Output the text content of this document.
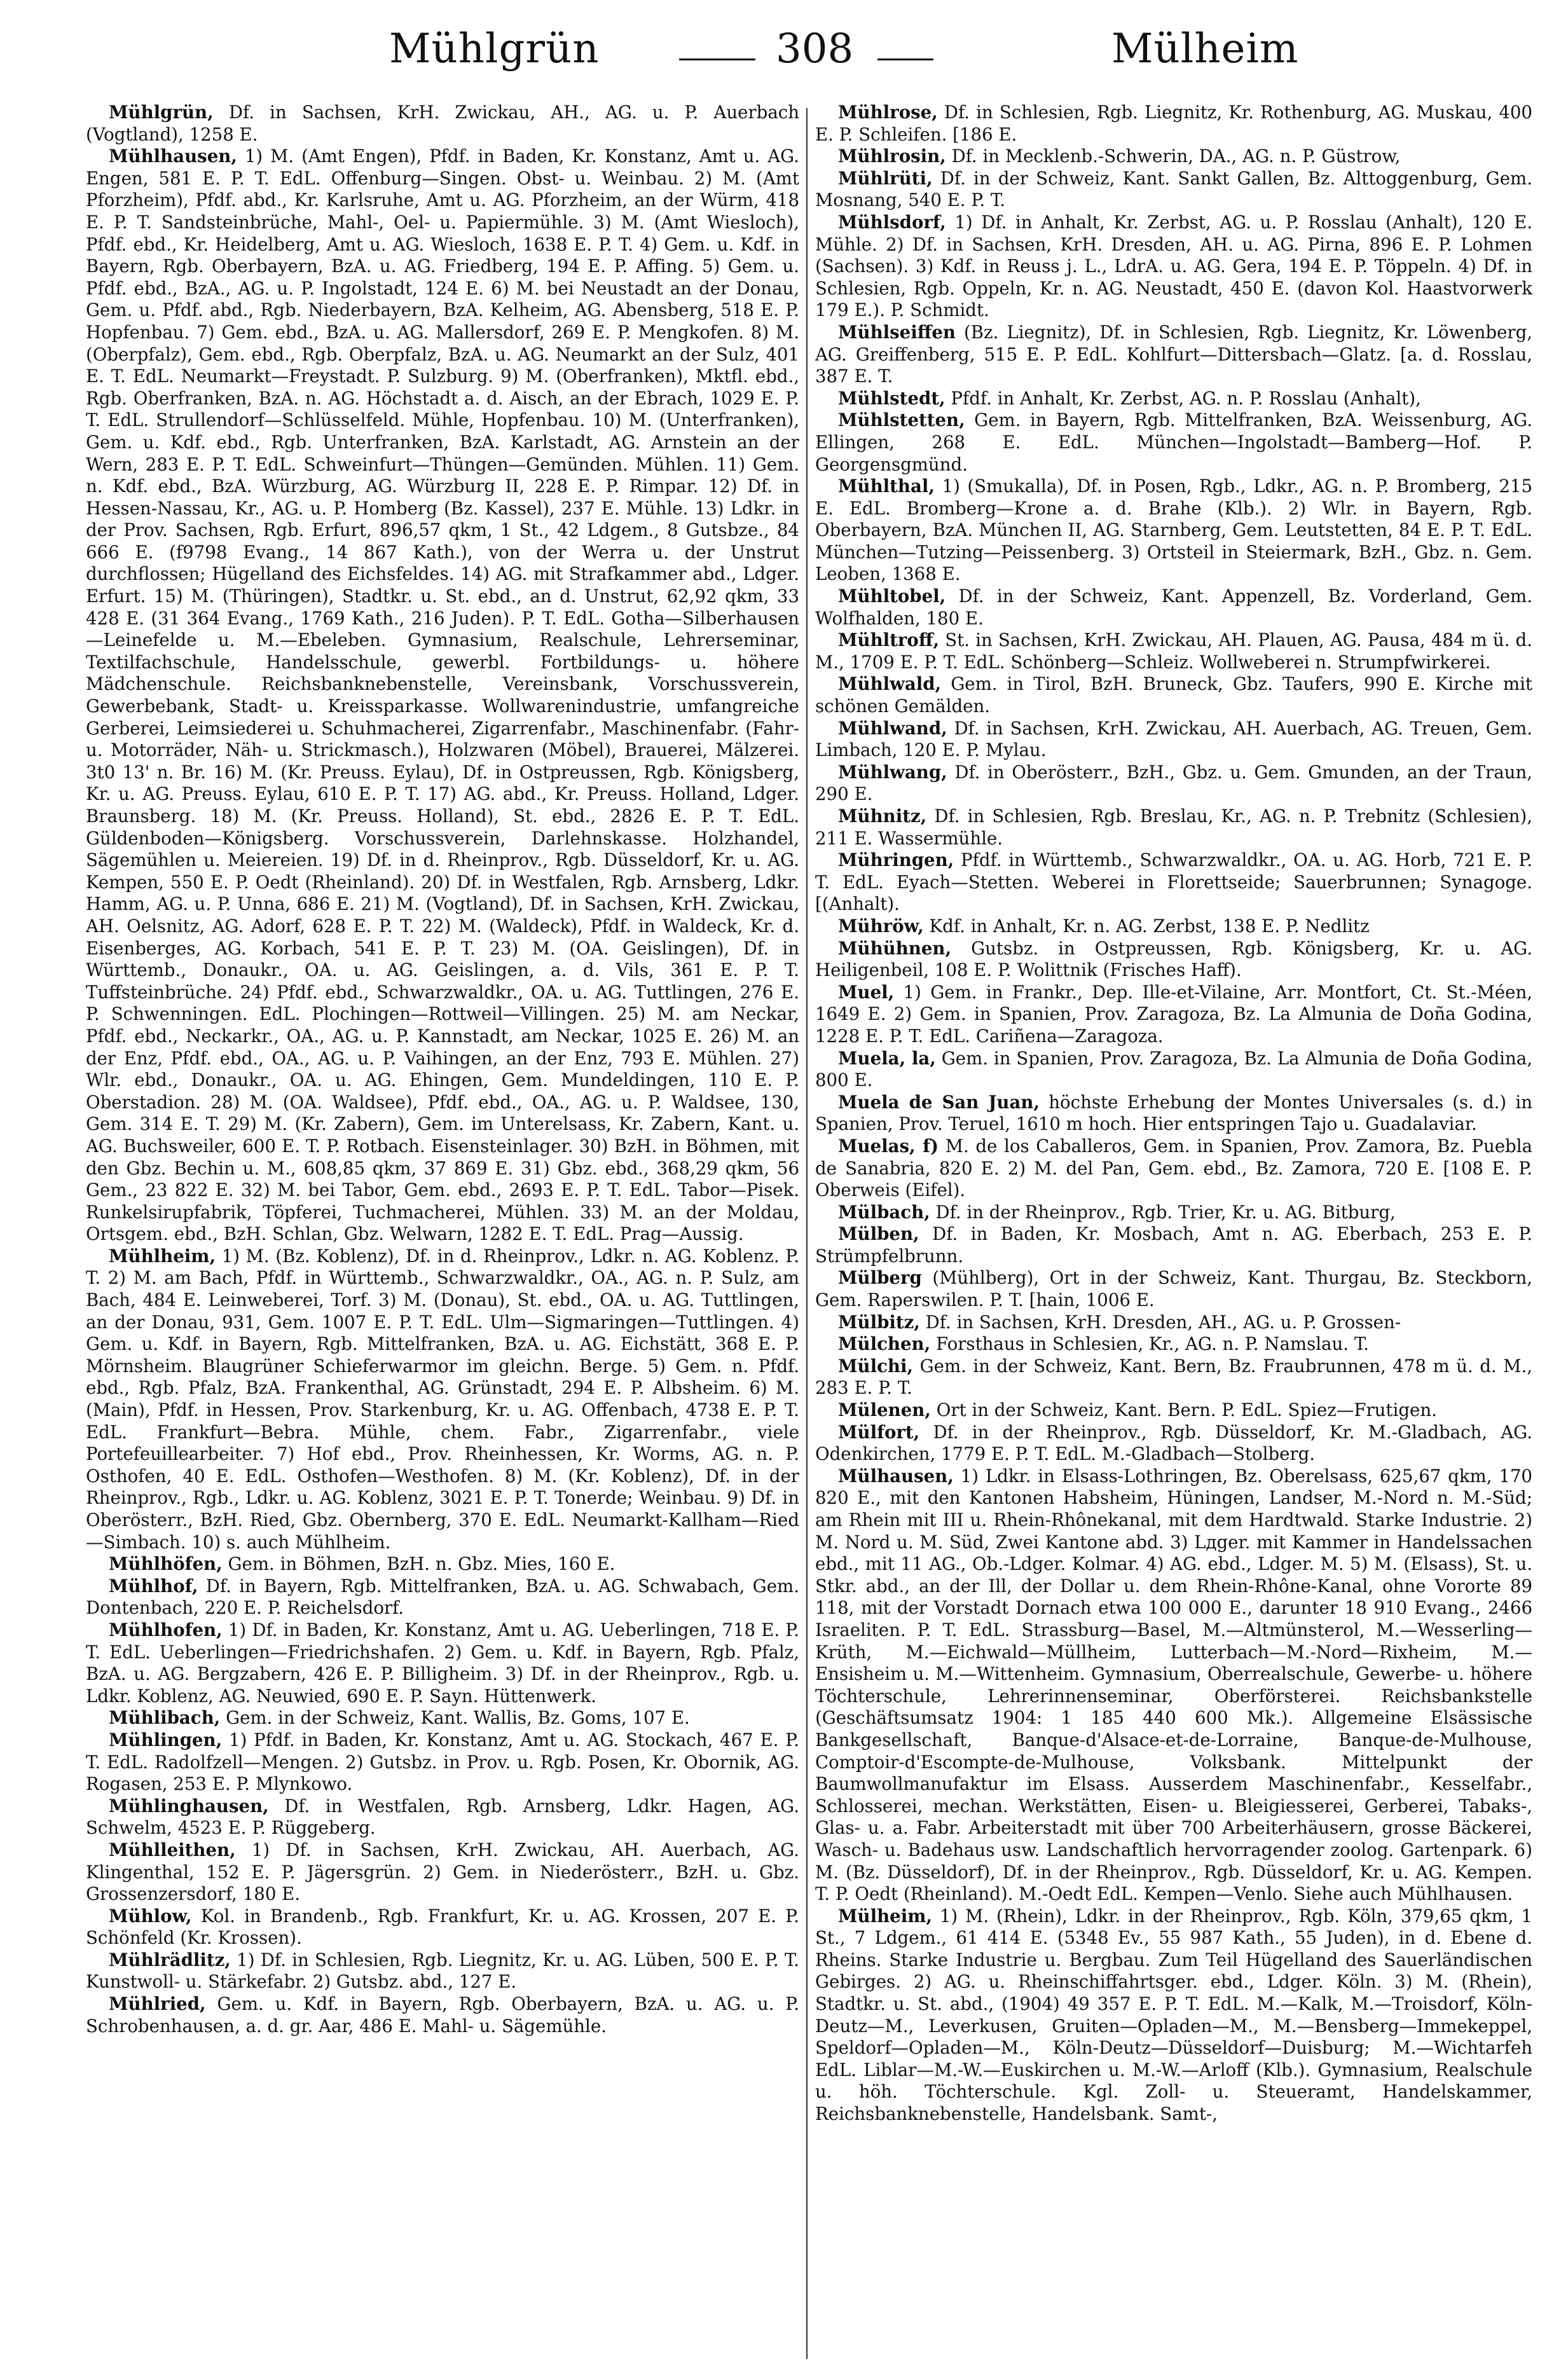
Mühlgrün	308	Mülheim

Mühlgrün, Df. in Sachsen, KrH. Zwickau, AH., AG. u. P. Auerbach (Vogtland), 1258 E.

Mühlhausen, 1) M. (Amt Engen), Pfdf. in Baden, Kr. Konstanz, Amt u. AG. Engen, 581 E. P. T. EdL. Offenburg—Singen. Obst- u. Weinbau. 2) M. (Amt Pforzheim), Pfdf. abd., Kr. Karlsruhe, Amt u. AG. Pforzheim, an der Würm, 418 E. P. T. Sandsteinbrüche, Mahl-, Oel- u. Papiermühle. 3) M. (Amt Wiesloch), Pfdf. ebd., Kr. Heidelberg, Amt u. AG. Wiesloch, 1638 E. P. T. 4) Gem. u. Kdf. in Bayern, Rgb. Oberbayern, BzA. u. AG. Friedberg, 194 E. P. Affing. 5) Gem. u. Pfdf. ebd., BzA., AG. u. P. Ingolstadt, 124 E. 6) M. bei Neustadt an der Donau, Gem. u. Pfdf. abd., Rgb. Niederbayern, BzA. Kelheim, AG. Abensberg, 518 E. P. Hopfenbau. 7) Gem. ebd., BzA. u. AG. Mallersdorf, 269 E. P. Mengkofen. 8) M. (Oberpfalz), Gem. ebd., Rgb. Oberpfalz, BzA. u. AG. Neumarkt an der Sulz, 401 E. T. EdL. Neumarkt—Freystadt. P. Sulzburg. 9) M. (Oberfranken), Mktfl. ebd., Rgb. Oberfranken, BzA. n. AG. Höchstadt a. d. Aisch, an der Ebrach, 1029 E. P. T. EdL. Strullendorf—Schlüsselfeld. Mühle, Hopfenbau. 10) M. (Unterfranken), Gem. u. Kdf. ebd., Rgb. Unterfranken, BzA. Karlstadt, AG. Arnstein an der Wern, 283 E. P. T. EdL. Schweinfurt—Thüngen—Gemünden. Mühlen. 11) Gem. n. Kdf. ebd., BzA. Würzburg, AG. Würzburg II, 228 E. P. Rimpar. 12) Df. in Hessen-Nassau, Kr., AG. u. P. Homberg (Bz. Kassel), 237 E. Mühle. 13) Ldkr. in der Prov. Sachsen, Rgb. Erfurt, 896,57 qkm, 1 St., 42 Ldgem., 8 Gutsbze., 84 666 E. (f9798 Evang., 14 867 Kath.), von der Werra u. der Unstrut durchflossen; Hügelland des Eichsfeldes. 14) AG. mit Strafkammer abd., Ldger. Erfurt. 15) M. (Thüringen), Stadtkr. u. St. ebd., an d. Unstrut, 62,92 qkm, 33 428 E. (31 364 Evang., 1769 Kath., 216 Juden). P. T. EdL. Gotha—Silberhausen—Leinefelde u. M.—Ebeleben. Gymnasium, Realschule, Lehrerseminar, Textilfachschule, Handelsschule, gewerbl. Fortbildungs- u. höhere Mädchenschule. Reichsbanknebenstelle, Vereinsbank, Vorschussverein, Gewerbebank, Stadt- u. Kreissparkasse. Wollwarenindustrie, umfangreiche Gerberei, Leimsiederei u. Schuhmacherei, Zigarrenfabr., Maschinenfabr. (Fahr- u. Motorräder, Näh- u. Strickmasch.), Holzwaren (Möbel), Brauerei, Mälzerei. 3t0 13' n. Br. 16) M. (Kr. Preuss. Eylau), Df. in Ostpreussen, Rgb. Königsberg, Kr. u. AG. Preuss. Eylau, 610 E. P. T. 17) AG. abd., Kr. Preuss. Holland, Ldger. Braunsberg. 18) M. (Kr. Preuss. Holland), St. ebd., 2826 E. P. T. EdL. Güldenboden—Königsberg. Vorschussverein, Darlehnskasse. Holzhandel, Sägemühlen u. Meiereien. 19) Df. in d. Rheinprov., Rgb. Düsseldorf, Kr. u. AG. Kempen, 550 E. P. Oedt (Rheinland). 20) Df. in Westfalen, Rgb. Arnsberg, Ldkr. Hamm, AG. u. P. Unna, 686 E. 21) M. (Vogtland), Df. in Sachsen, KrH. Zwickau, AH. Oelsnitz, AG. Adorf, 628 E. P. T. 22) M. (Waldeck), Pfdf. in Waldeck, Kr. d. Eisenberges, AG. Korbach, 541 E. P. T. 23) M. (OA. Geislingen), Df. in Württemb., Donaukr., OA. u. AG. Geislingen, a. d. Vils, 361 E. P. T. Tuffsteinbrüche. 24) Pfdf. ebd., Schwarzwaldkr., OA. u. AG. Tuttlingen, 276 E. P. Schwenningen. EdL. Plochingen—Rottweil—Villingen. 25) M. am Neckar, Pfdf. ebd., Neckarkr., OA., AG. u. P. Kannstadt, am Neckar, 1025 E. 26) M. an der Enz, Pfdf. ebd., OA., AG. u. P. Vaihingen, an der Enz, 793 E. Mühlen. 27) Wlr. ebd., Donaukr., OA. u. AG. Ehingen, Gem. Mundeldingen, 110 E. P. Oberstadion. 28) M. (OA. Waldsee), Pfdf. ebd., OA., AG. u. P. Waldsee, 130, Gem. 314 E. T. 29) M. (Kr. Zabern), Gem. im Unterelsass, Kr. Zabern, Kant. u. AG. Buchsweiler, 600 E. T. P. Rotbach. Eisensteinlager. 30) BzH. in Böhmen, mit den Gbz. Bechin u. M., 608,85 qkm, 37 869 E. 31) Gbz. ebd., 368,29 qkm, 56 Gem., 23 822 E. 32) M. bei Tabor, Gem. ebd., 2693 E. P. T. EdL. Tabor—Pisek. Runkelsirupfabrik, Töpferei, Tuchmacherei, Mühlen. 33) M. an der Moldau, Ortsgem. ebd., BzH. Schlan, Gbz. Welwarn, 1282 E. T. EdL. Prag—Aussig.

Mühlheim, 1) M. (Bz. Koblenz), Df. in d. Rheinprov., Ldkr. n. AG. Koblenz. P. T. 2) M. am Bach, Pfdf. in Württemb., Schwarzwaldkr., OA., AG. n. P. Sulz, am Bach, 484 E. Leinweberei, Torf. 3) M. (Donau), St. ebd., OA. u. AG. Tuttlingen, an der Donau, 931, Gem. 1007 E. P. T. EdL. Ulm—Sigmaringen—Tuttlingen. 4) Gem. u. Kdf. in Bayern, Rgb. Mittelfranken, BzA. u. AG. Eichstätt, 368 E. P. Mörnsheim. Blaugrüner Schieferwarmor im gleichn. Berge. 5) Gem. n. Pfdf. ebd., Rgb. Pfalz, BzA. Frankenthal, AG. Grünstadt, 294 E. P. Albsheim. 6) M. (Main), Pfdf. in Hessen, Prov. Starkenburg, Kr. u. AG. Offenbach, 4738 E. P. T. EdL. Frankfurt—Bebra. Mühle, chem. Fabr., Zigarrenfabr., viele Portefeuillearbeiter. 7) Hof ebd., Prov. Rheinhessen, Kr. Worms, AG. n. P. Osthofen, 40 E. EdL. Osthofen—Westhofen. 8) M. (Kr. Koblenz), Df. in der Rheinprov., Rgb., Ldkr. u. AG. Koblenz, 3021 E. P. T. Tonerde; Weinbau. 9) Df. in Oberösterr., BzH. Ried, Gbz. Obernberg, 370 E. EdL. Neumarkt-Kallham—Ried—Simbach. 10) s. auch Mühlheim.

Mühlhöfen, Gem. in Böhmen, BzH. n. Gbz. Mies, 160 E.

Mühlhof, Df. in Bayern, Rgb. Mittelfranken, BzA. u. AG. Schwabach, Gem. Dontenbach, 220 E. P. Reichelsdorf.

Mühlhofen, 1) Df. in Baden, Kr. Konstanz, Amt u. AG. Ueberlingen, 718 E. P. T. EdL. Ueberlingen—Friedrichshafen. 2) Gem. u. Kdf. in Bayern, Rgb. Pfalz, BzA. u. AG. Bergzabern, 426 E. P. Billigheim. 3) Df. in der Rheinprov., Rgb. u. Ldkr. Koblenz, AG. Neuwied, 690 E. P. Sayn. Hüttenwerk.

Mühlibach, Gem. in der Schweiz, Kant. Wallis, Bz. Goms, 107 E.

Mühlingen, 1) Pfdf. in Baden, Kr. Konstanz, Amt u. AG. Stockach, 467 E. P. T. EdL. Radolfzell—Mengen. 2) Gutsbz. in Prov. u. Rgb. Posen, Kr. Obornik, AG. Rogasen, 253 E. P. Mlynkowo.

Mühlinghausen, Df. in Westfalen, Rgb. Arnsberg, Ldkr. Hagen, AG. Schwelm, 4523 E. P. Rüggeberg.

Mühlleithen, 1) Df. in Sachsen, KrH. Zwickau, AH. Auerbach, AG. Klingenthal, 152 E. P. Jägersgrün. 2) Gem. in Niederösterr., BzH. u. Gbz. Grossenzersdorf, 180 E.

Mühlow, Kol. in Brandenb., Rgb. Frankfurt, Kr. u. AG. Krossen, 207 E. P. Schönfeld (Kr. Krossen).

Mühlrädlitz, 1) Df. in Schlesien, Rgb. Liegnitz, Kr. u. AG. Lüben, 500 E. P. T. Kunstwoll- u. Stärkefabr. 2) Gutsbz. abd., 127 E.

Mühlried, Gem. u. Kdf. in Bayern, Rgb. Oberbayern, BzA. u. AG. u. P. Schrobenhausen, a. d. gr. Aar, 486 E. Mahl- u. Sägemühle.

Mühlrose, Df. in Schlesien, Rgb. Liegnitz, Kr. Rothenburg, AG. Muskau, 400 E. P. Schleifen. [186 E.

Mühlrosin, Df. in Mecklenb.-Schwerin, DA., AG. n. P. Güstrow,

Mühlrüti, Df. in der Schweiz, Kant. Sankt Gallen, Bz. Alttoggenburg, Gem. Mosnang, 540 E. P. T.

Mühlsdorf, 1) Df. in Anhalt, Kr. Zerbst, AG. u. P. Rosslau (Anhalt), 120 E. Mühle. 2) Df. in Sachsen, KrH. Dresden, AH. u. AG. Pirna, 896 E. P. Lohmen (Sachsen). 3) Kdf. in Reuss j. L., LdrA. u. AG. Gera, 194 E. P. Töppeln. 4) Df. in Schlesien, Rgb. Oppeln, Kr. n. AG. Neustadt, 450 E. (davon Kol. Haastvorwerk 179 E.). P. Schmidt.

Mühlseiffen (Bz. Liegnitz), Df. in Schlesien, Rgb. Liegnitz, Kr. Löwenberg, AG. Greiffenberg, 515 E. P. EdL. Kohlfurt—Dittersbach—Glatz. [a. d. Rosslau, 387 E. T.

Mühlstedt, Pfdf. in Anhalt, Kr. Zerbst, AG. n. P. Rosslau (Anhalt),

Mühlstetten, Gem. in Bayern, Rgb. Mittelfranken, BzA. Weissenburg, AG. Ellingen, 268 E. EdL. München—Ingolstadt—Bamberg—Hof. P. Georgensgmünd.

Mühlthal, 1) (Smukalla), Df. in Posen, Rgb., Ldkr., AG. n. P. Bromberg, 215 E. EdL. Bromberg—Krone a. d. Brahe (Klb.). 2) Wlr. in Bayern, Rgb. Oberbayern, BzA. München II, AG. Starnberg, Gem. Leutstetten, 84 E. P. T. EdL. München—Tutzing—Peissenberg. 3) Ortsteil in Steiermark, BzH., Gbz. n. Gem. Leoben, 1368 E.

Mühltobel, Df. in der Schweiz, Kant. Appenzell, Bz. Vorderland, Gem. Wolfhalden, 180 E.

Mühltroff, St. in Sachsen, KrH. Zwickau, AH. Plauen, AG. Pausa, 484 m ü. d. M., 1709 E. P. T. EdL. Schönberg—Schleiz. Wollweberei n. Strumpfwirkerei.

Mühlwald, Gem. in Tirol, BzH. Bruneck, Gbz. Taufers, 990 E. Kirche mit schönen Gemälden.

Mühlwand, Df. in Sachsen, KrH. Zwickau, AH. Auerbach, AG. Treuen, Gem. Limbach, 120 E. P. Mylau.

Mühlwang, Df. in Oberösterr., BzH., Gbz. u. Gem. Gmunden, an der Traun, 290 E.

Mühnitz, Df. in Schlesien, Rgb. Breslau, Kr., AG. n. P. Trebnitz (Schlesien), 211 E. Wassermühle.

Mühringen, Pfdf. in Württemb., Schwarzwaldkr., OA. u. AG. Horb, 721 E. P. T. EdL. Eyach—Stetten. Weberei in Florettseide; Sauerbrunnen; Synagoge. [(Anhalt).

Mühröw, Kdf. in Anhalt, Kr. n. AG. Zerbst, 138 E. P. Nedlitz

Mühühnen, Gutsbz. in Ostpreussen, Rgb. Königsberg, Kr. u. AG. Heiligenbeil, 108 E. P. Wolittnik (Frisches Haff).

Muel, 1) Gem. in Frankr., Dep. Ille-et-Vilaine, Arr. Montfort, Ct. St.-Méen, 1649 E. 2) Gem. in Spanien, Prov. Zaragoza, Bz. La Almunia de Doña Godina, 1228 E. P. T. EdL. Cariñena—Zaragoza.

Muela, la, Gem. in Spanien, Prov. Zaragoza, Bz. La Almunia de Doña Godina, 800 E.

Muela de San Juan, höchste Erhebung der Montes Universales (s. d.) in Spanien, Prov. Teruel, 1610 m hoch. Hier entspringen Tajo u. Guadalaviar.

Muelas, f) M. de los Caballeros, Gem. in Spanien, Prov. Zamora, Bz. Puebla de Sanabria, 820 E. 2) M. del Pan, Gem. ebd., Bz. Zamora, 720 E. [108 E. P. Oberweis (Eifel).

Mülbach, Df. in der Rheinprov., Rgb. Trier, Kr. u. AG. Bitburg,

Mülben, Df. in Baden, Kr. Mosbach, Amt n. AG. Eberbach, 253 E. P. Strümpfelbrunn.

Mülberg (Mühlberg), Ort in der Schweiz, Kant. Thurgau, Bz. Steckborn, Gem. Raperswilen. P. T. [hain, 1006 E.

Mülbitz, Df. in Sachsen, KrH. Dresden, AH., AG. u. P. Grossen-

Mülchen, Forsthaus in Schlesien, Kr., AG. n. P. Namslau. T.

Mülchi, Gem. in der Schweiz, Kant. Bern, Bz. Fraubrunnen, 478 m ü. d. M., 283 E. P. T.

Mülenen, Ort in der Schweiz, Kant. Bern. P. EdL. Spiez—Frutigen.

Mülfort, Df. in der Rheinprov., Rgb. Düsseldorf, Kr. M.-Gladbach, AG. Odenkirchen, 1779 E. P. T. EdL. M.-Gladbach—Stolberg.

Mülhausen, 1) Ldkr. in Elsass-Lothringen, Bz. Oberelsass, 625,67 qkm, 170 820 E., mit den Kantonen Habsheim, Hüningen, Landser, M.-Nord n. M.-Süd; am Rhein mit III u. Rhein-Rhônekanal, mit dem Hardtwald. Starke Industrie. 2) M. Nord u. M. Süd, Zwei Kantone abd. 3) Lдger. mit Kammer in Handelssachen ebd., mit 11 AG., Ob.-Ldger. Kolmar. 4) AG. ebd., Ldger. M. 5) M. (Elsass), St. u. Stkr. abd., an der Ill, der Dollar u. dem Rhein-Rhône-Kanal, ohne Vororte 89 118, mit der Vorstadt Dornach etwa 100 000 E., darunter 18 910 Evang., 2466 Israeliten. P. T. EdL. Strassburg—Basel, M.—Altmünsterol, M.—Wesserling—Krüth, M.—Eichwald—Müllheim, Lutterbach—M.-Nord—Rixheim, M.—Ensisheim u. M.—Wittenheim. Gymnasium, Oberrealschule, Gewerbe- u. höhere Töchterschule, Lehrerinnenseminar, Oberförsterei. Reichsbankstelle (Geschäftsumsatz 1904: 1 185 440 600 Mk.). Allgemeine Elsässische Bankgesellschaft, Banque-d'Alsace-et-de-Lorraine, Banque-de-Mulhouse, Comptoir-d'Escompte-de-Mulhouse, Volksbank. Mittelpunkt der Baumwollmanufaktur im Elsass. Ausserdem Maschinenfabr., Kesselfabr., Schlosserei, mechan. Werkstätten, Eisen- u. Bleigiesserei, Gerberei, Tabaks-, Glas- u. a. Fabr. Arbeiterstadt mit über 700 Arbeiterhäusern, grosse Bäckerei, Wasch- u. Badehaus usw. Landschaftlich hervorragender zoolog. Gartenpark. 6) M. (Bz. Düsseldorf), Df. in der Rheinprov., Rgb. Düsseldorf, Kr. u. AG. Kempen. T. P. Oedt (Rheinland). M.-Oedt EdL. Kempen—Venlo. Siehe auch Mühlhausen.

Mülheim, 1) M. (Rhein), Ldkr. in der Rheinprov., Rgb. Köln, 379,65 qkm, 1 St., 7 Ldgem., 61 414 E. (5348 Ev., 55 987 Kath., 55 Juden), in d. Ebene d. Rheins. Starke Industrie u. Bergbau. Zum Teil Hügelland des Sauerländischen Gebirges. 2) AG. u. Rheinschiffahrtsger. ebd., Ldger. Köln. 3) M. (Rhein), Stadtkr. u. St. abd., (1904) 49 357 E. P. T. EdL. M.—Kalk, M.—Troisdorf, Köln-Deutz—M., Leverkusen, Gruiten—Opladen—M., M.—Bensberg—Immekeppel, Speldorf—Opladen—M., Köln-Deutz—Düsseldorf—Duisburg; M.—Wichtarfeh EdL. Liblar—M.-W.—Euskirchen u. M.-W.—Arloff (Klb.). Gymnasium, Realschule u. höh. Töchterschule. Kgl. Zoll- u. Steueramt, Handelskammer, Reichsbanknebenstelle, Handelsbank. Samt-,
